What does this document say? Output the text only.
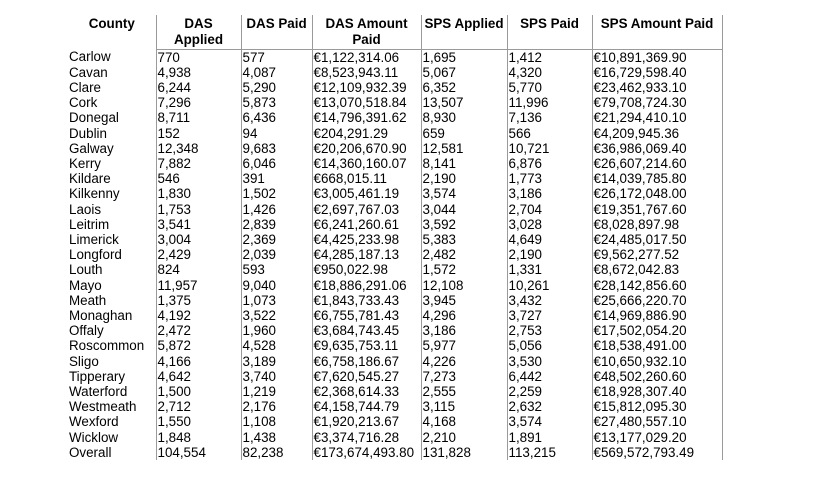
County	DAS Applied	DAS Paid	DAS Amount Paid	SPS Applied	SPS Paid	SPS Amount Paid
Carlow	770	577	€1,122,314.06	1,695	1,412	€10,891,369.90
Cavan	4,938	4,087	€8,523,943.11	5,067	4,320	€16,729,598.40
Clare	6,244	5,290	€12,109,932.39	6,352	5,770	€23,462,933.10
Cork	7,296	5,873	€13,070,518.84	13,507	11,996	€79,708,724.30
Donegal	8,711	6,436	€14,796,391.62	8,930	7,136	€21,294,410.10
Dublin	152	94	€204,291.29	659	566	€4,209,945.36
Galway	12,348	9,683	€20,206,670.90	12,581	10,721	€36,986,069.40
Kerry	7,882	6,046	€14,360,160.07	8,141	6,876	€26,607,214.60
Kildare	546	391	€668,015.11	2,190	1,773	€14,039,785.80
Kilkenny	1,830	1,502	€3,005,461.19	3,574	3,186	€26,172,048.00
Laois	1,753	1,426	€2,697,767.03	3,044	2,704	€19,351,767.60
Leitrim	3,541	2,839	€6,241,260.61	3,592	3,028	€8,028,897.98
Limerick	3,004	2,369	€4,425,233.98	5,383	4,649	€24,485,017.50
Longford	2,429	2,039	€4,285,187.13	2,482	2,190	€9,562,277.52
Louth	824	593	€950,022.98	1,572	1,331	€8,672,042.83
Mayo	11,957	9,040	€18,886,291.06	12,108	10,261	€28,142,856.60
Meath	1,375	1,073	€1,843,733.43	3,945	3,432	€25,666,220.70
Monaghan	4,192	3,522	€6,755,781.43	4,296	3,727	€14,969,886.90
Offaly	2,472	1,960	€3,684,743.45	3,186	2,753	€17,502,054.20
Roscommon	5,872	4,528	€9,635,753.11	5,977	5,056	€18,538,491.00
Sligo	4,166	3,189	€6,758,186.67	4,226	3,530	€10,650,932.10
Tipperary	4,642	3,740	€7,620,545.27	7,273	6,442	€48,502,260.60
Waterford	1,500	1,219	€2,368,614.33	2,555	2,259	€18,928,307.40
Westmeath	2,712	2,176	€4,158,744.79	3,115	2,632	€15,812,095.30
Wexford	1,550	1,108	€1,920,213.67	4,168	3,574	€27,480,557.10
Wicklow	1,848	1,438	€3,374,716.28	2,210	1,891	€13,177,029.20
Overall	104,554	82,238	€173,674,493.80	131,828	113,215	€569,572,793.49
